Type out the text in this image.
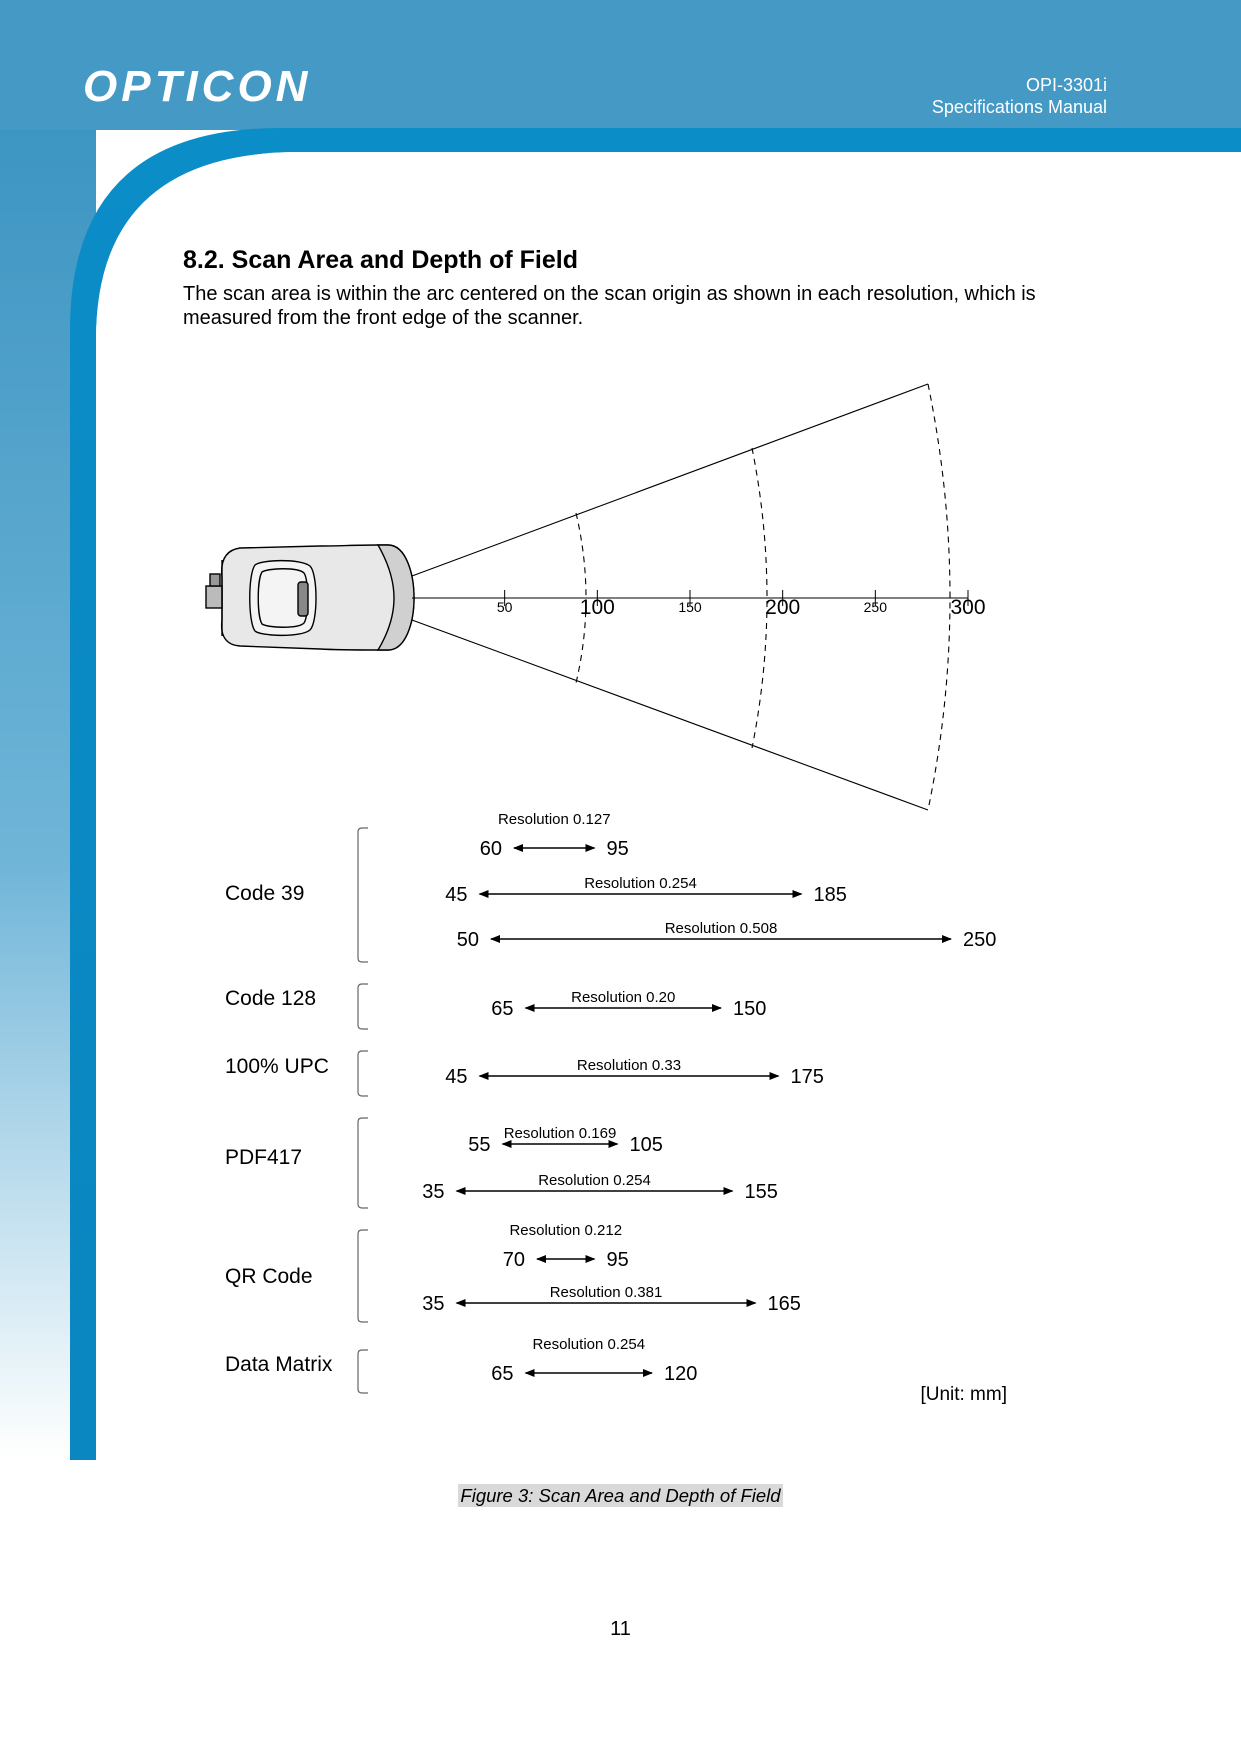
OPTICON	OPI-3301i
Specifications Manual
8.2. Scan Area and Depth of Field
The scan area is within the arc centered on the scan origin as shown in each resolution, which is measured from the front edge of the scanner.
50	100	150	200	250	300
Code 39
60	95
Resolution 0.127
45	185
Resolution 0.254
50	250
Resolution 0.508
Code 128	65	150
Resolution 0.20
100% UPC	45	175
Resolution 0.33
PDF417
55	105
Resolution 0.169
35	155
Resolution 0.254
QR Code
70	95
Resolution 0.212
35	165
Resolution 0.381
Data Matrix	65	120
Resolution 0.254
[Unit: mm]
Figure 3: Scan Area and Depth of Field
11
